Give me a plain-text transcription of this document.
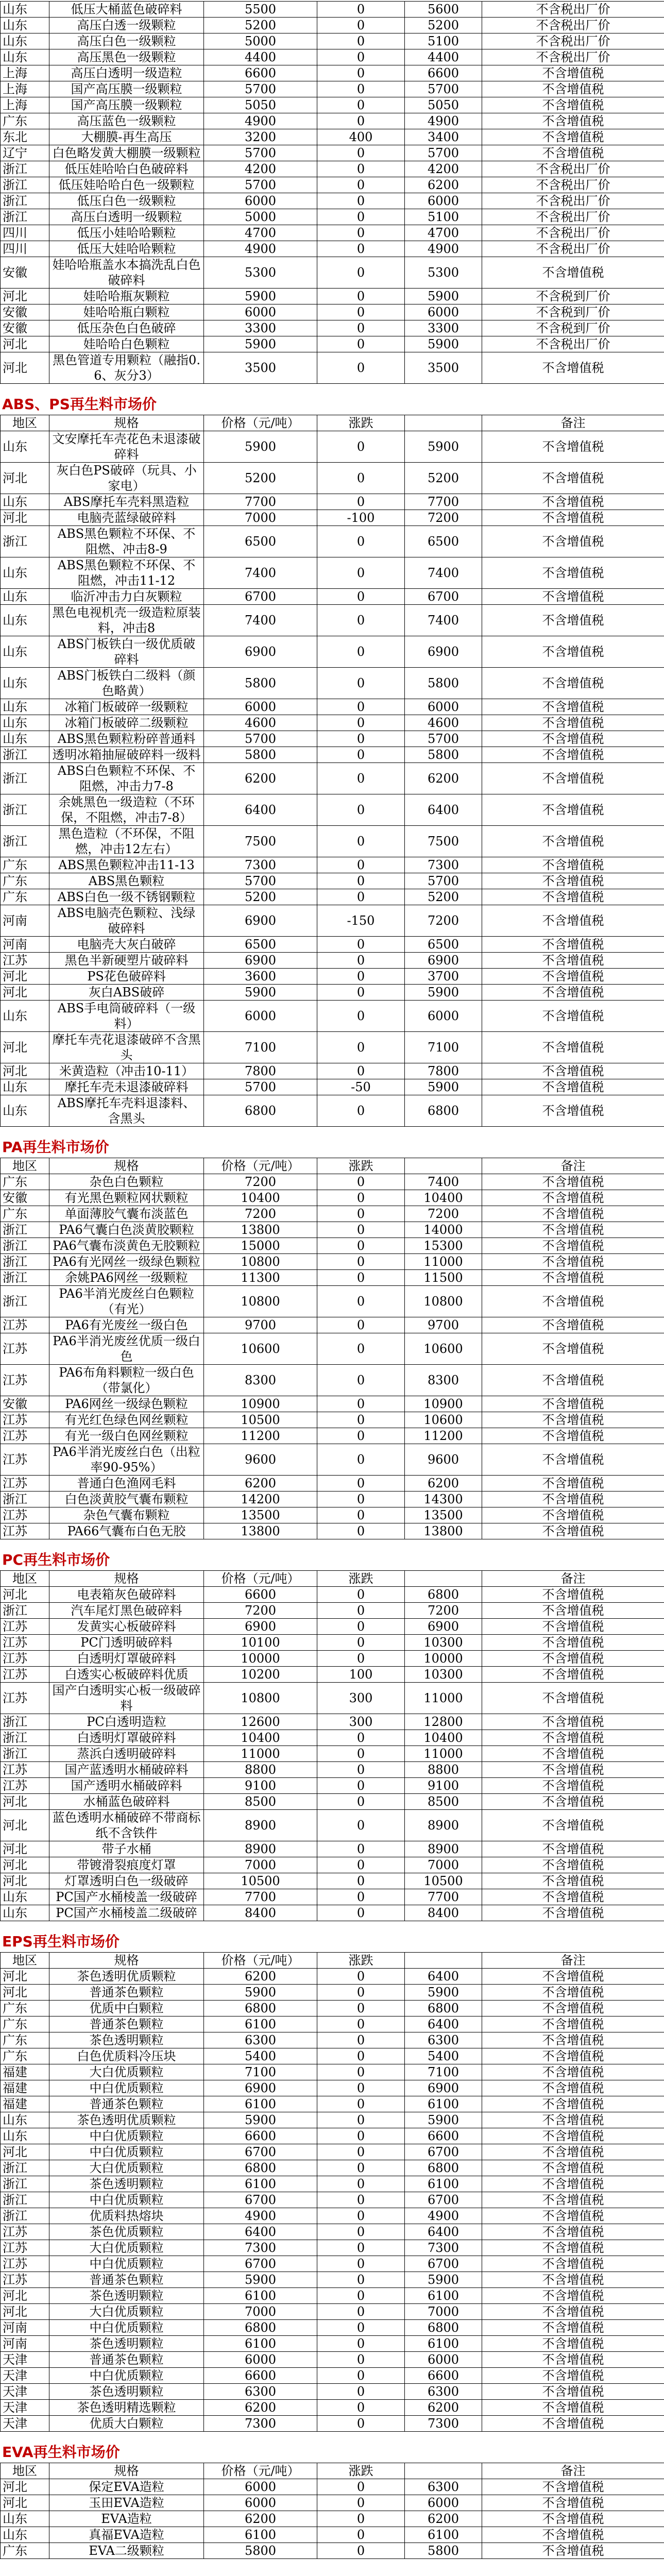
山东	低压大桶蓝色破碎料	5500	0	5600	不含税出厂价
山东	高压白透一级颗粒	5200	0	5200	不含税出厂价
山东	高压白色一级颗粒	5000	0	5100	不含税出厂价
山东	高压黑色一级颗粒	4400	0	4400	不含税出厂价
上海	高压白透明一级造粒	6600	0	6600	不含增值税
上海	国产高压膜一级颗粒	5700	0	5700	不含增值税
上海	国产高压膜一级颗粒	5050	0	5050	不含增值税
广东	高压蓝色一级颗粒	4900	0	4900	不含增值税
东北	大棚膜-再生高压	3200	400	3400	不含增值税
辽宁	白色略发黄大棚膜一级颗粒	5700	0	5700	不含增值税
浙江	低压娃哈哈白色破碎料	4200	0	4200	不含税出厂价
浙江	低压娃哈哈白色一级颗粒	5700	0	6200	不含税出厂价
浙江	低压白色一级颗粒	6000	0	6000	不含税出厂价
浙江	高压白透明一级颗粒	5000	0	5100	不含税出厂价
四川	低压小娃哈哈颗粒	4700	0	4700	不含税出厂价
四川	低压大娃哈哈颗粒	4900	0	4900	不含税出厂价
安徽	娃哈哈瓶盖水本搞洗乱白色破碎料	5300	0	5300	不含增值税
河北	娃哈哈瓶灰颗粒	5900	0	5900	不含税到厂价
安徽	娃哈哈瓶白颗粒	6000	0	6000	不含税到厂价
安徽	低压杂色白色破碎	3300	0	3300	不含税到厂价
河北	娃哈哈白色颗粒	5900	0	5900	不含税出厂价
河北	黑色管道专用颗粒（融指0.6、灰分3）	3500	0	3500	不含增值税
ABS、PS再生料市场价
地区	规格	价格（元/吨）	涨跌		备注
山东	文安摩托车壳花色未退漆破碎料	5900	0	5900	不含增值税
河北	灰白色PS破碎（玩具、小家电）	5200	0	5200	不含增值税
山东	ABS摩托车壳料黑造粒	7700	0	7700	不含增值税
河北	电脑壳蓝绿破碎料	7000	-100	7200	不含增值税
浙江	ABS黑色颗粒不环保、不阻燃、冲击8-9	6500	0	6500	不含增值税
山东	ABS黑色颗粒不环保、不阻燃，冲击11-12	7400	0	7400	不含增值税
山东	临沂冲击力白灰颗粒	6700	0	6700	不含增值税
山东	黑色电视机壳一级造粒原装料，冲击8	7400	0	7400	不含增值税
山东	ABS门板铁白一级优质破碎料	6900	0	6900	不含增值税
山东	ABS门板铁白二级料（颜色略黄）	5800	0	5800	不含增值税
山东	冰箱门板破碎一级颗粒	6000	0	6000	不含增值税
山东	冰箱门板破碎二级颗粒	4600	0	4600	不含增值税
山东	ABS黑色颗粒粉碎普通料	5700	0	5700	不含增值税
浙江	透明冰箱抽屉破碎料一级料	5800	0	5800	不含增值税
浙江	ABS白色颗粒不环保、不阻燃，冲击力7-8	6200	0	6200	不含增值税
浙江	余姚黑色一级造粒（不环保，不阻燃，冲击7-8）	6400	0	6400	不含增值税
浙江	黑色造粒（不环保，不阻燃，冲击12左右）	7500	0	7500	不含增值税
广东	ABS黑色颗粒冲击11-13	7300	0	7300	不含增值税
广东	ABS黑色颗粒	5700	0	5700	不含增值税
广东	ABS白色一级不锈钢颗粒	5200	0	5200	不含增值税
河南	ABS电脑壳色颗粒、浅绿破碎料	6900	-150	7200	不含增值税
河南	电脑壳大灰白破碎	6500	0	6500	不含增值税
江苏	黑色半新硬塑片破碎料	6900	0	6900	不含增值税
河北	PS花色破碎料	3600	0	3700	不含增值税
河北	灰白ABS破碎	5900	0	5900	不含增值税
山东	ABS手电筒破碎料（一级料）	6000	0	6000	不含增值税
河北	摩托车壳花退漆破碎不含黑头	7100	0	7100	不含增值税
河北	米黄造粒（冲击10-11）	7800	0	7800	不含增值税
山东	摩托车壳未退漆破碎料	5700	-50	5900	不含增值税
山东	ABS摩托车壳料退漆料、含黑头	6800	0	6800	不含增值税
PA再生料市场价
地区	规格	价格（元/吨）	涨跌		备注
广东	杂色白色颗粒	7200	0	7400	不含增值税
安徽	有光黑色颗粒网状颗粒	10400	0	10400	不含增值税
广东	单面薄胶气囊布淡蓝色	7200	0	7200	不含增值税
浙江	PA6气囊白色淡黄胶颗粒	13800	0	14000	不含增值税
浙江	PA6气囊布淡黄色无胶颗粒	15000	0	15300	不含增值税
浙江	PA6有光网丝一级绿色颗粒	10800	0	11000	不含增值税
浙江	余姚PA6网丝一级颗粒	11300	0	11500	不含增值税
浙江	PA6半消光废丝白色颗粒（有光）	10800	0	10800	不含增值税
江苏	PA6有光废丝一级白色	9700	0	9700	不含增值税
江苏	PA6半消光废丝优质一级白色	10600	0	10600	不含增值税
江苏	PA6布角料颗粒一级白色（带氯化）	8300	0	8300	不含增值税
安徽	PA6网丝一级绿色颗粒	10900	0	10900	不含增值税
江苏	有光红色绿色网丝颗粒	10500	0	10600	不含增值税
江苏	有光一级白色网丝颗粒	11200	0	11200	不含增值税
江苏	PA6半消光废丝白色（出粒率90-95%）	9600	0	9600	不含增值税
江苏	普通白色渔网毛料	6200	0	6200	不含增值税
浙江	白色淡黄胶气囊布颗粒	14200	0	14300	不含增值税
江苏	杂色气囊布颗粒	13500	0	13500	不含增值税
江苏	PA66气囊布白色无胶	13800	0	13800	不含增值税
PC再生料市场价
地区	规格	价格（元/吨）	涨跌		备注
河北	电表箱灰色破碎料	6600	0	6800	不含增值税
浙江	汽车尾灯黑色破碎料	7200	0	7200	不含增值税
江苏	发黄实心板破碎料	6900	0	6900	不含增值税
江苏	PC门透明破碎料	10100	0	10300	不含增值税
江苏	白透明灯罩破碎料	10000	0	10000	不含增值税
江苏	白透实心板破碎料优质	10200	100	10300	不含增值税
江苏	国产白透明实心板一级破碎料	10800	300	11000	不含增值税
浙江	PC白透明造粒	12600	300	12800	不含增值税
浙江	白透明灯罩破碎料	10400	0	10400	不含增值税
浙江	蒸浜白透明破碎料	11000	0	11000	不含增值税
江苏	国产蓝透明水桶破碎料	8800	0	8800	不含增值税
江苏	国产透明水桶破碎料	9100	0	9100	不含增值税
河北	水桶蓝色破碎料	8500	0	8500	不含增值税
河北	蓝色透明水桶破碎不带商标纸不含铁件	8900	0	8900	不含增值税
河北	带子水桶	8900	0	8900	不含增值税
河北	带镀滑裂痕度灯罩	7000	0	7000	不含增值税
河北	灯罩透明白色一级破碎	10500	0	10500	不含增值税
山东	PC国产水桶棱盖一级破碎	7700	0	7700	不含增值税
山东	PC国产水桶棱盖二级破碎	8400	0	8400	不含增值税
EPS再生料市场价
地区	规格	价格（元/吨）	涨跌		备注
河北	茶色透明优质颗粒	6200	0	6400	不含增值税
河北	普通茶色颗粒	5900	0	5900	不含增值税
广东	优质中白颗粒	6800	0	6800	不含增值税
广东	普通茶色颗粒	6100	0	6400	不含增值税
广东	茶色透明颗粒	6300	0	6300	不含增值税
广东	白色优质料冷压块	5400	0	5400	不含增值税
福建	大白优质颗粒	7100	0	7100	不含增值税
福建	中白优质颗粒	6900	0	6900	不含增值税
福建	普通茶色颗粒	6100	0	6100	不含增值税
山东	茶色透明优质颗粒	5900	0	5900	不含增值税
山东	中白优质颗粒	6600	0	6600	不含增值税
河北	中白优质颗粒	6700	0	6700	不含增值税
浙江	大白优质颗粒	6800	0	6800	不含增值税
浙江	茶色透明颗粒	6100	0	6100	不含增值税
浙江	中白优质颗粒	6700	0	6700	不含增值税
浙江	优质料热熔块	4900	0	4900	不含增值税
江苏	茶色优质颗粒	6400	0	6400	不含增值税
江苏	大白优质颗粒	7300	0	7300	不含增值税
江苏	中白优质颗粒	6700	0	6700	不含增值税
江苏	普通茶色颗粒	5900	0	5900	不含增值税
河北	茶色透明颗粒	6100	0	6100	不含增值税
河北	大白优质颗粒	7000	0	7000	不含增值税
河南	中白优质颗粒	6800	0	6800	不含增值税
河南	茶色透明颗粒	6100	0	6100	不含增值税
天津	普通茶色颗粒	6000	0	6000	不含增值税
天津	中白优质颗粒	6600	0	6600	不含增值税
天津	茶色透明颗粒	6300	0	6300	不含增值税
天津	茶色透明精选颗粒	6200	0	6200	不含增值税
天津	优质大白颗粒	7300	0	7300	不含增值税
EVA再生料市场价
地区	规格	价格（元/吨）	涨跌		备注
河北	保定EVA造粒	6000	0	6300	不含增值税
河北	玉田EVA造粒	6000	0	6000	不含增值税
山东	EVA造粒	6200	0	6200	不含增值税
山东	真福EVA造粒	6100	0	6100	不含增值税
广东	EVA二级颗粒	5800	0	5800	不含增值税
